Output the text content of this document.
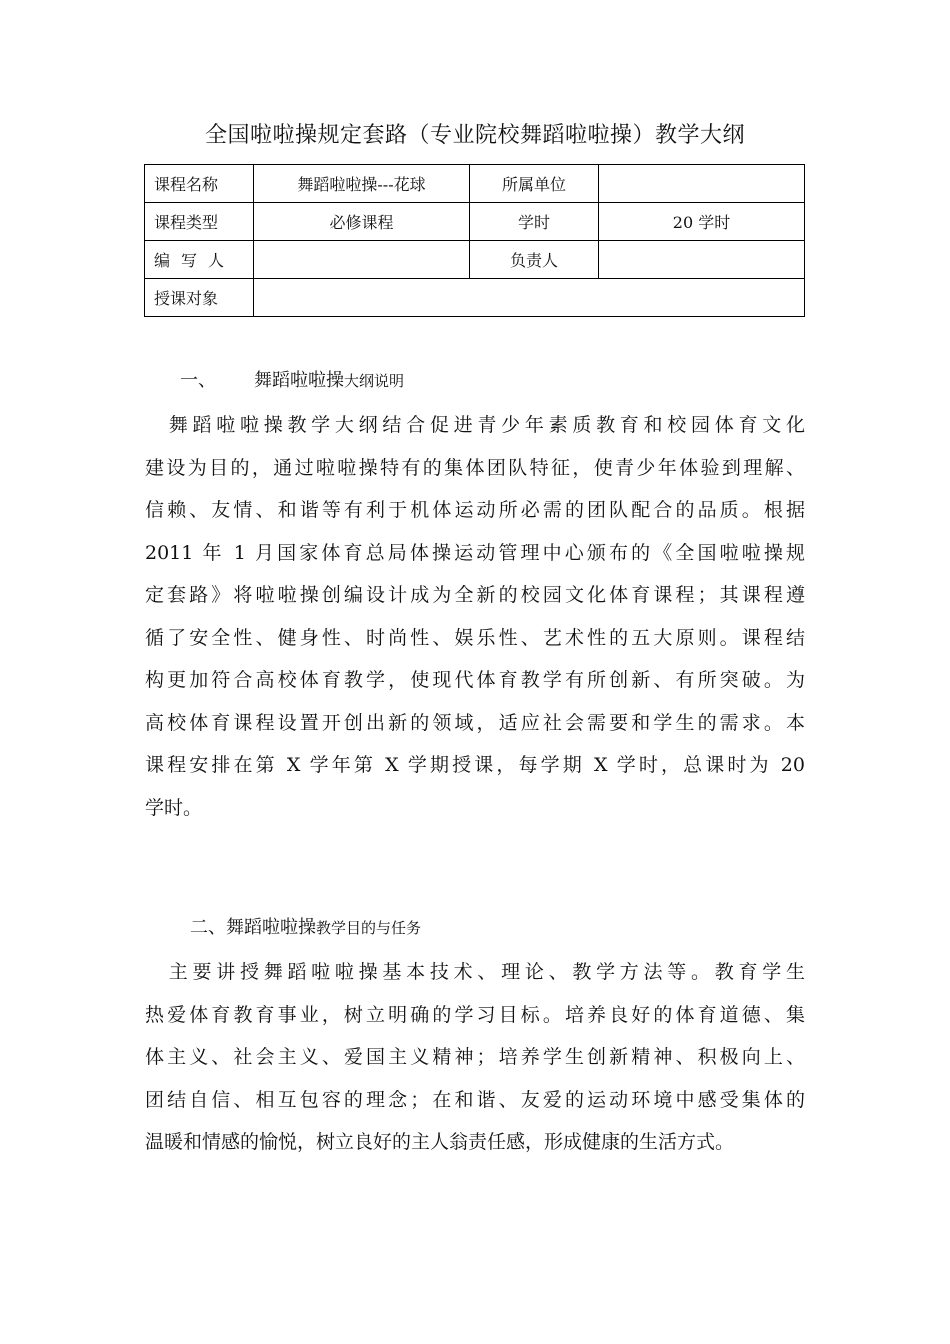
全国啦啦操规定套路（专业院校舞蹈啦啦操）教学大纲
课程名称	舞蹈啦啦操---花球	所属单位	
课程类型	必修课程	学时	20 学时
编写人		负责人	
授课对象			
一、 舞蹈啦啦操大纲说明
　舞蹈啦啦操教学大纲结合促进青少年素质教育和校园体育文化
建设为目的，通过啦啦操特有的集体团队特征，使青少年体验到理解、
信赖、友情、和谐等有利于机体运动所必需的团队配合的品质。根据
2011 年 1 月国家体育总局体操运动管理中心颁布的《全国啦啦操规
定套路》将啦啦操创编设计成为全新的校园文化体育课程；其课程遵
循了安全性、健身性、时尚性、娱乐性、艺术性的五大原则。课程结
构更加符合高校体育教学，使现代体育教学有所创新、有所突破。为
高校体育课程设置开创出新的领域，适应社会需要和学生的需求。本
课程安排在第 X 学年第 X 学期授课，每学期 X 学时，总课时为 20
学时。
二、舞蹈啦啦操教学目的与任务
　主要讲授舞蹈啦啦操基本技术、理论、教学方法等。教育学生
热爱体育教育事业，树立明确的学习目标。培养良好的体育道德、集
体主义、社会主义、爱国主义精神；培养学生创新精神、积极向上、
团结自信、相互包容的理念；在和谐、友爱的运动环境中感受集体的
温暖和情感的愉悦，树立良好的主人翁责任感，形成健康的生活方式。
